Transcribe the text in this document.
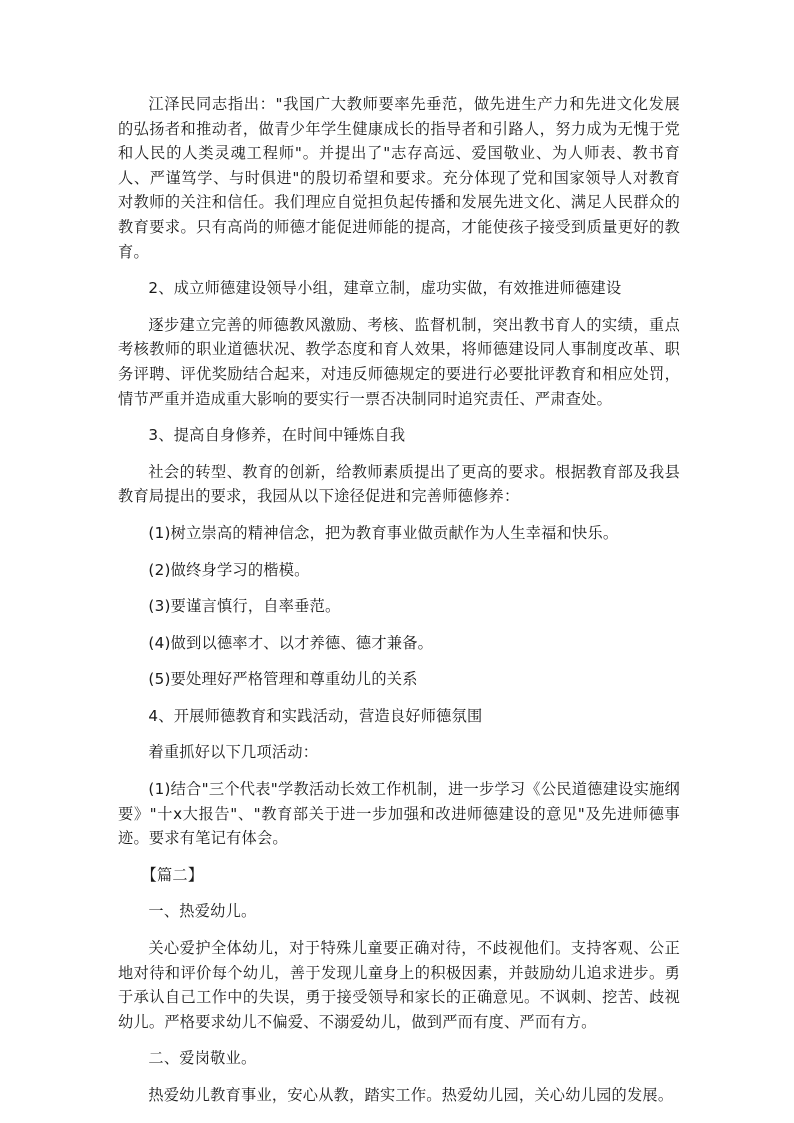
江泽民同志指出："我国广大教师要率先垂范，做先进生产力和先进文化发展的弘扬者和推动者，做青少年学生健康成长的指导者和引路人，努力成为无愧于党和人民的人类灵魂工程师"。并提出了"志存高远、爱国敬业、为人师表、教书育人、严谨笃学、与时俱进"的殷切希望和要求。充分体现了党和国家领导人对教育对教师的关注和信任。我们理应自觉担负起传播和发展先进文化、满足人民群众的教育要求。只有高尚的师德才能促进师能的提高，才能使孩子接受到质量更好的教育。

2、成立师德建设领导小组，建章立制，虚功实做，有效推进师德建设

逐步建立完善的师德教风激励、考核、监督机制，突出教书育人的实绩，重点考核教师的职业道德状况、教学态度和育人效果，将师德建设同人事制度改革、职务评聘、评优奖励结合起来，对违反师德规定的要进行必要批评教育和相应处罚，情节严重并造成重大影响的要实行一票否决制同时追究责任、严肃查处。

3、提高自身修养，在时间中锤炼自我

社会的转型、教育的创新，给教师素质提出了更高的要求。根据教育部及我县教育局提出的要求，我园从以下途径促进和完善师德修养：

(1)树立崇高的精神信念，把为教育事业做贡献作为人生幸福和快乐。

(2)做终身学习的楷模。

(3)要谨言慎行，自率垂范。

(4)做到以德率才、以才养德、德才兼备。

(5)要处理好严格管理和尊重幼儿的关系

4、开展师德教育和实践活动，营造良好师德氛围

着重抓好以下几项活动：

(1)结合"三个代表"学教活动长效工作机制，进一步学习《公民道德建设实施纲要》"十x大报告"、"教育部关于进一步加强和改进师德建设的意见"及先进师德事迹。要求有笔记有体会。

【篇二】

一、热爱幼儿。

关心爱护全体幼儿，对于特殊儿童要正确对待，不歧视他们。支持客观、公正地对待和评价每个幼儿，善于发现儿童身上的积极因素，并鼓励幼儿追求进步。勇于承认自己工作中的失误，勇于接受领导和家长的正确意见。不讽刺、挖苦、歧视幼儿。严格要求幼儿不偏爱、不溺爱幼儿，做到严而有度、严而有方。

二、爱岗敬业。

热爱幼儿教育事业，安心从教，踏实工作。热爱幼儿园，关心幼儿园的发展。
